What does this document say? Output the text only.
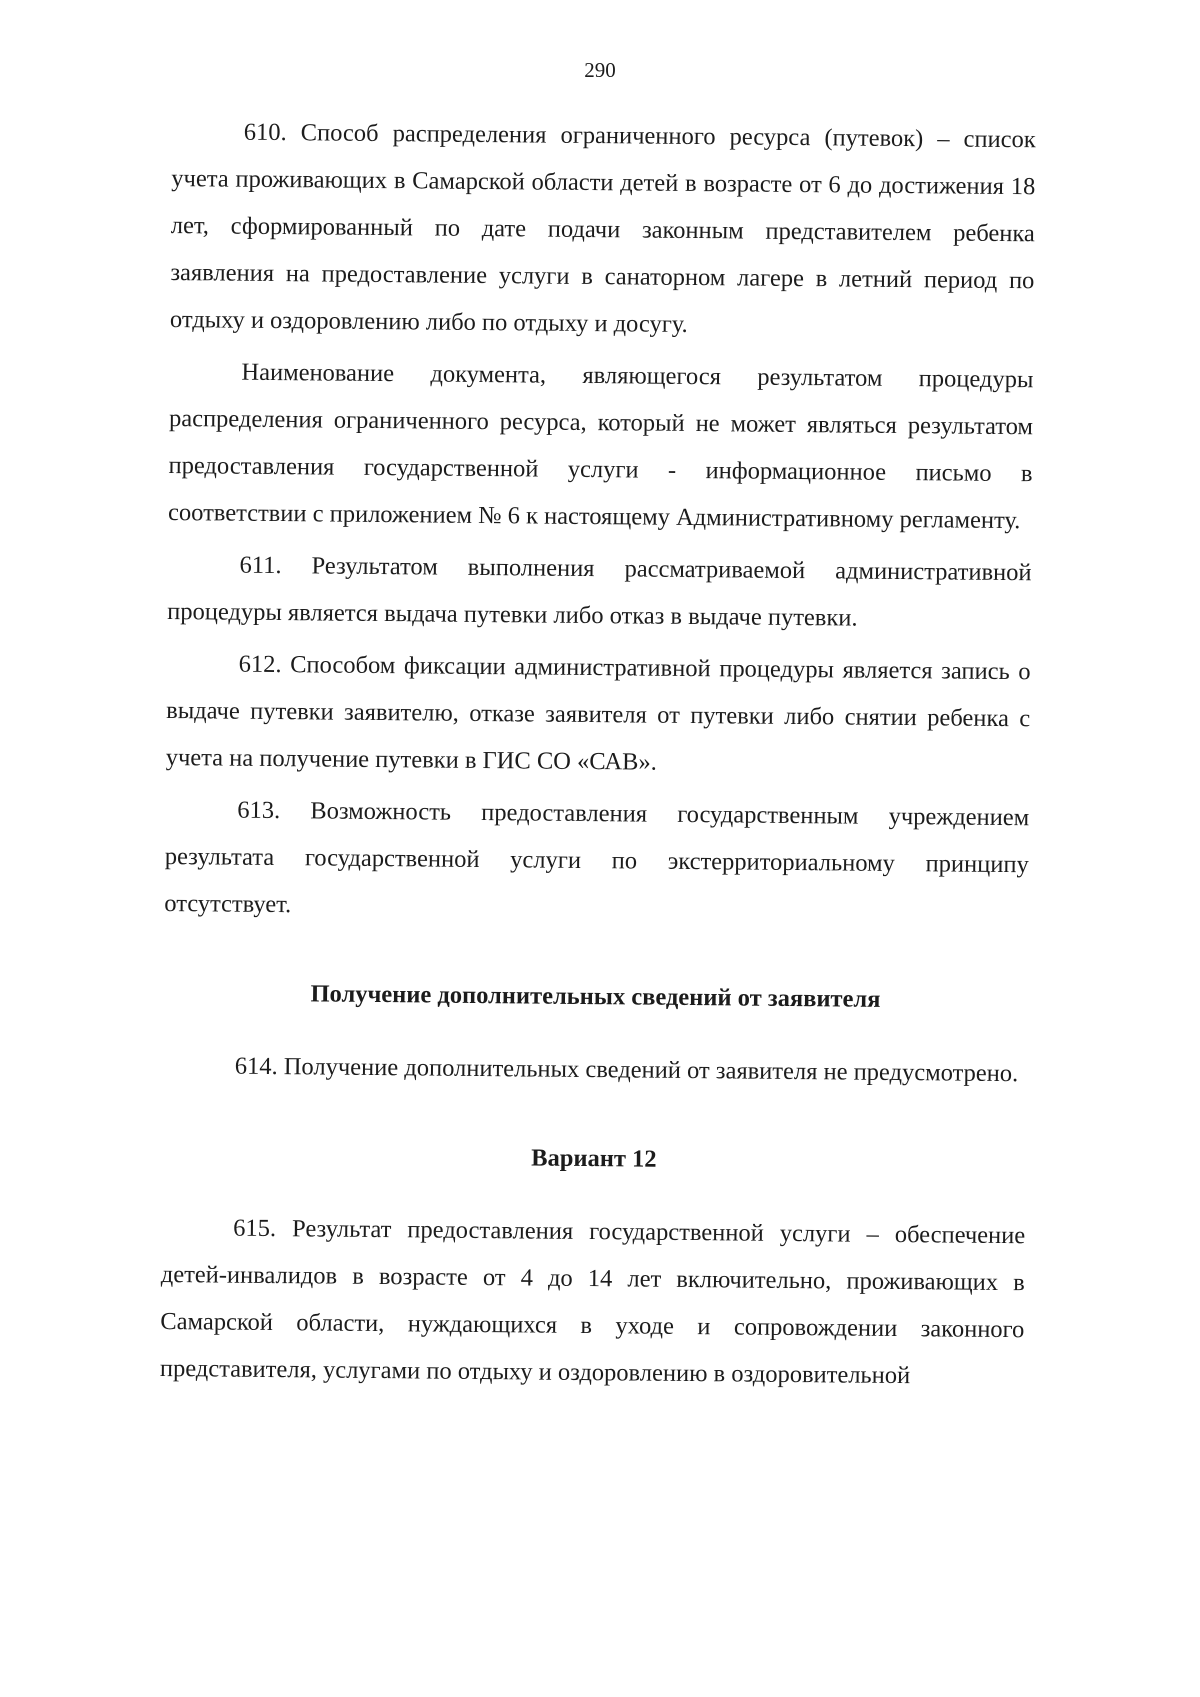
290

610. Способ распределения ограниченного ресурса (путевок) – список учета проживающих в Самарской области детей в возрасте от 6 до достижения 18 лет, сформированный по дате подачи законным представителем ребенка заявления на предоставление услуги в санаторном лагере в летний период по отдыху и оздоровлению либо по отдыху и досугу.

Наименование документа, являющегося результатом процедуры распределения ограниченного ресурса, который не может являться результатом предоставления государственной услуги - информационное письмо в соответствии с приложением № 6 к настоящему Административному регламенту.

611. Результатом выполнения рассматриваемой административной процедуры является выдача путевки либо отказ в выдаче путевки.

612. Способом фиксации административной процедуры является запись о выдаче путевки заявителю, отказе заявителя от путевки либо снятии ребенка с учета на получение путевки в ГИС СО «САВ».

613. Возможность предоставления государственным учреждением результата государственной услуги по экстерриториальному принципу отсутствует.

Получение дополнительных сведений от заявителя

614. Получение дополнительных сведений от заявителя не предусмотрено.

Вариант 12

615. Результат предоставления государственной услуги – обеспечение детей-инвалидов в возрасте от 4 до 14 лет включительно, проживающих в Самарской области, нуждающихся в уходе и сопровождении законного представителя, услугами по отдыху и оздоровлению в оздоровительной
